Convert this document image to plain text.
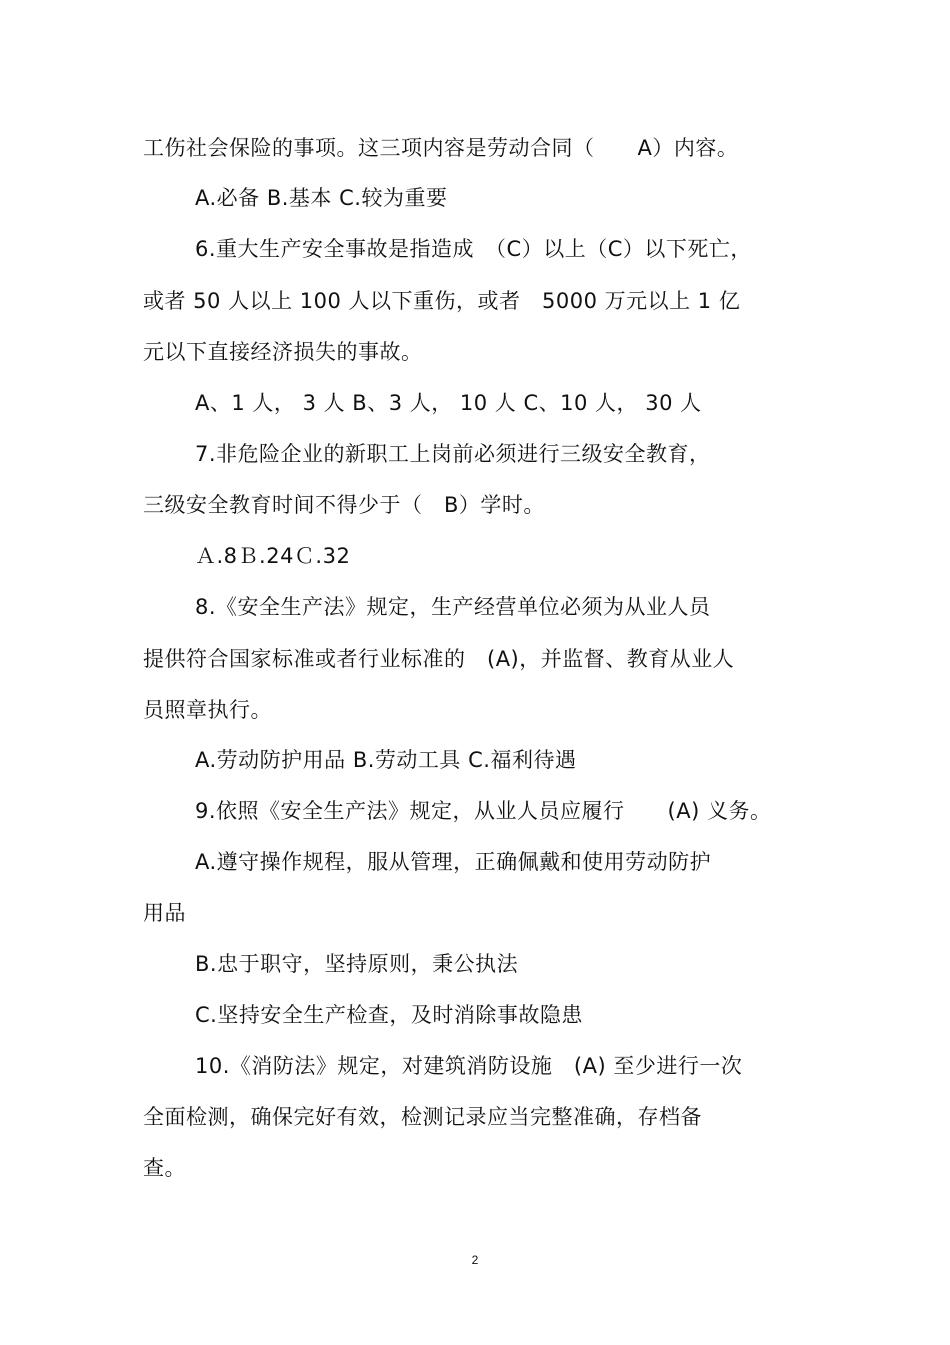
工伤社会保险的事项。这三项内容是劳动合同（　　A）内容。
A.必备 B.基本 C.较为重要
6.重大生产安全事故是指造成　（C）以上（C）以下死亡，
或者 50 人以上 100 人以下重伤，或者　5000 万元以上 1 亿
元以下直接经济损失的事故。
A、1 人， 3 人 B、3 人， 10 人 C、10 人， 30 人
7.非危险企业的新职工上岗前必须进行三级安全教育，
三级安全教育时间不得少于（　B）学时。
Ａ.8Ｂ.24Ｃ.32
8.《安全生产法》规定，生产经营单位必须为从业人员
提供符合国家标准或者行业标准的　(A)，并监督、教育从业人
员照章执行。
A.劳动防护用品 B.劳动工具 C.福利待遇
9.依照《安全生产法》规定，从业人员应履行　　(A) 义务。
A.遵守操作规程，服从管理，正确佩戴和使用劳动防护
用品
B.忠于职守，坚持原则，秉公执法
C.坚持安全生产检查，及时消除事故隐患
10.《消防法》规定，对建筑消防设施　(A) 至少进行一次
全面检测，确保完好有效，检测记录应当完整准确，存档备
查。
2
